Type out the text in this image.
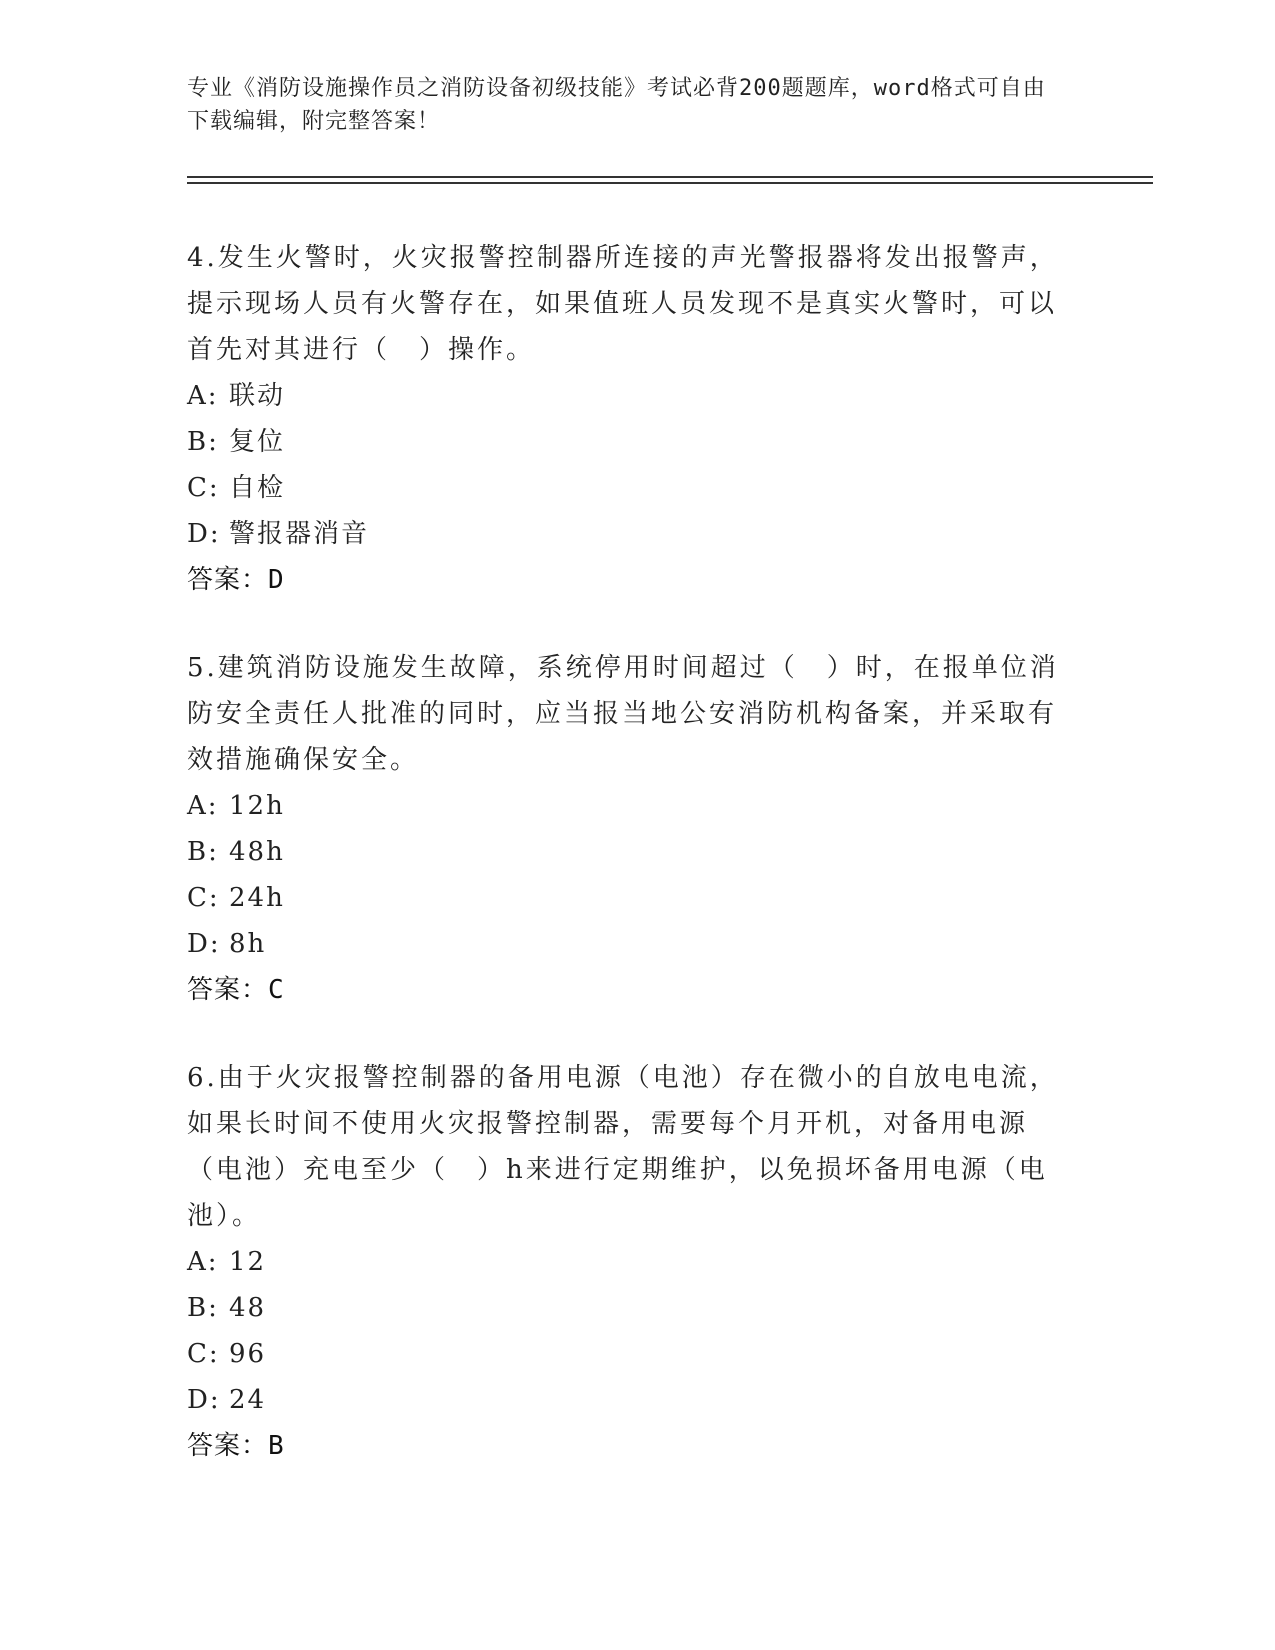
专业《消防设施操作员之消防设备初级技能》考试必背200题题库，word格式可自由下载编辑，附完整答案！

4.发生火警时，火灾报警控制器所连接的声光警报器将发出报警声，提示现场人员有火警存在，如果值班人员发现不是真实火警时，可以首先对其进行（　）操作。

A: 联动

B: 复位

C: 自检

D: 警报器消音

答案：D

5.建筑消防设施发生故障，系统停用时间超过（　）时，在报单位消防安全责任人批准的同时，应当报当地公安消防机构备案，并采取有效措施确保安全。

A: 12h

B: 48h

C: 24h

D: 8h

答案：C

6.由于火灾报警控制器的备用电源（电池）存在微小的自放电电流，如果长时间不使用火灾报警控制器，需要每个月开机，对备用电源（电池）充电至少（　）h来进行定期维护，以免损坏备用电源（电池）。

A: 12

B: 48

C: 96

D: 24

答案：B
